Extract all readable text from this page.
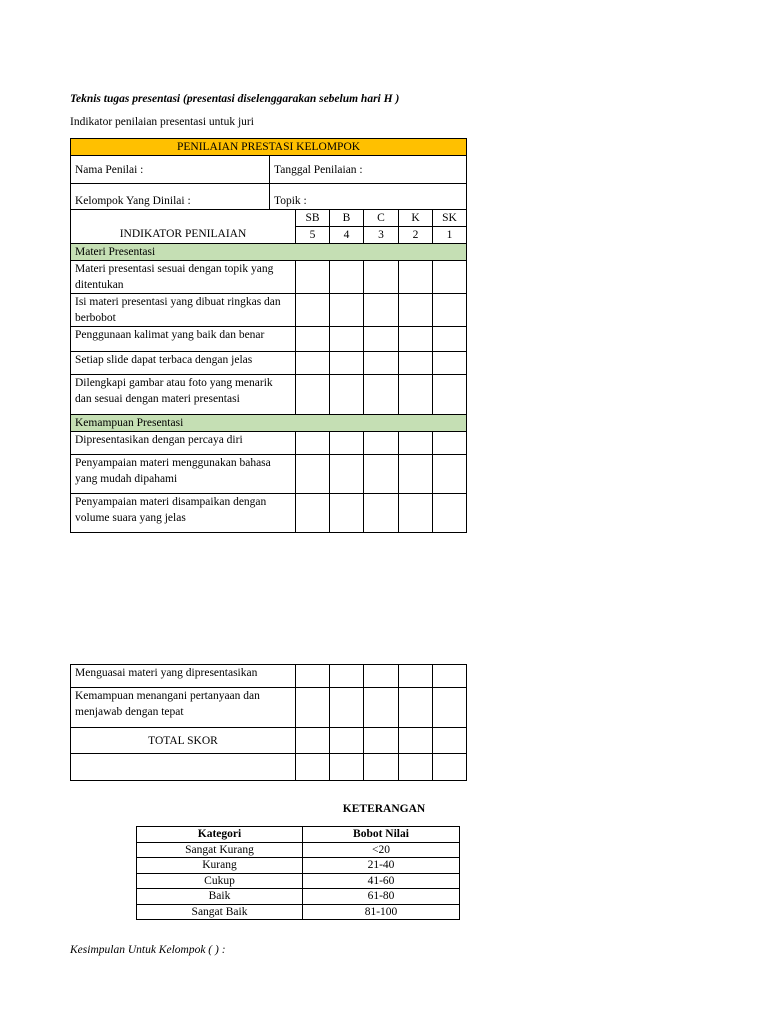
Teknis tugas presentasi (presentasi diselenggarakan sebelum hari H )
Indikator penilaian presentasi untuk juri
PENILAIAN PRESTASI KELOMPOK						
Nama Penilai :	Tanggal Penilaian :					
Kelompok Yang Dinilai :	Topik :					
INDIKATOR PENILAIAN		SB	B	C	K	SK
		5	4	3	2	1
Materi Presentasi						
Materi presentasi sesuai dengan topik yang ditentukan						
Isi materi presentasi yang dibuat ringkas dan berbobot						
Penggunaan kalimat yang baik dan benar						
Setiap slide dapat terbaca dengan jelas						
Dilengkapi gambar atau foto yang menarik dan sesuai dengan materi presentasi						
Kemampuan Presentasi						
Dipresentasikan dengan percaya diri						
Penyampaian materi menggunakan bahasa yang mudah dipahami						
Penyampaian materi disampaikan dengan volume suara yang jelas						
Menguasai materi yang dipresentasikan					
Kemampuan menangani pertanyaan dan menjawab dengan tepat					
TOTAL SKOR					

KETERANGAN
Kategori	Bobot Nilai
Sangat Kurang	<20
Kurang	21-40
Cukup	41-60
Baik	61-80
Sangat Baik	81-100
Kesimpulan Untuk Kelompok ( ) :
